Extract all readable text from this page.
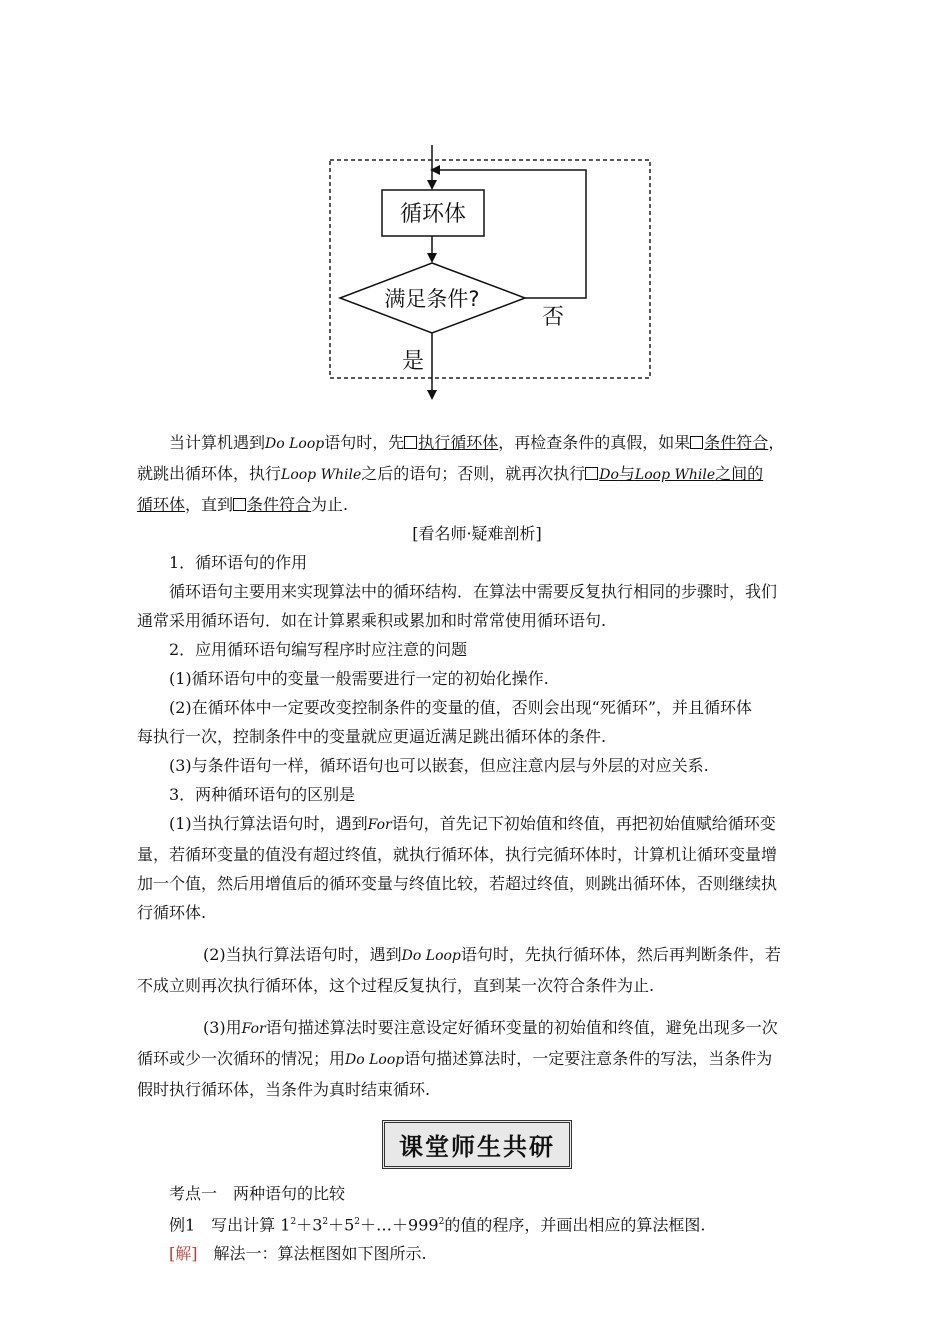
循环体
满足条件?
否
是

当计算机遇到Do Loop语句时，先 执行循环体，再检查条件的真假，如果 条件符合，

就跳出循环体，执行Loop While之后的语句；否则，就再次执行 Do与Loop While之间的

循环体，直到 条件符合为止.

[看名师·疑难剖析]

1．循环语句的作用

循环语句主要用来实现算法中的循环结构．在算法中需要反复执行相同的步骤时，我们

通常采用循环语句．如在计算累乘积或累加和时常常使用循环语句.

2．应用循环语句编写程序时应注意的问题

(1)循环语句中的变量一般需要进行一定的初始化操作.

(2)在循环体中一定要改变控制条件的变量的值，否则会出现“死循环”，并且循环体

每执行一次，控制条件中的变量就应更逼近满足跳出循环体的条件.

(3)与条件语句一样，循环语句也可以嵌套，但应注意内层与外层的对应关系.

3．两种循环语句的区别是

(1)当执行算法语句时，遇到For语句，首先记下初始值和终值，再把初始值赋给循环变

量，若循环变量的值没有超过终值，就执行循环体，执行完循环体时，计算机让循环变量增

加一个值，然后用增值后的循环变量与终值比较，若超过终值，则跳出循环体，否则继续执

行循环体.

(2)当执行算法语句时，遇到Do Loop语句时，先执行循环体，然后再判断条件，若

不成立则再次执行循环体，这个过程反复执行，直到某一次符合条件为止.

(3)用For语句描述算法时要注意设定好循环变量的初始值和终值，避免出现多一次

循环或少一次循环的情况；用Do Loop语句描述算法时，一定要注意条件的写法，当条件为

假时执行循环体，当条件为真时结束循环.

课堂师生共研

考点一　两种语句的比较

例1　写出计算 $1^2+3^2+5^2+\dots+999^2$的值的程序，并画出相应的算法框图.

[解]　解法一：算法框图如下图所示.
